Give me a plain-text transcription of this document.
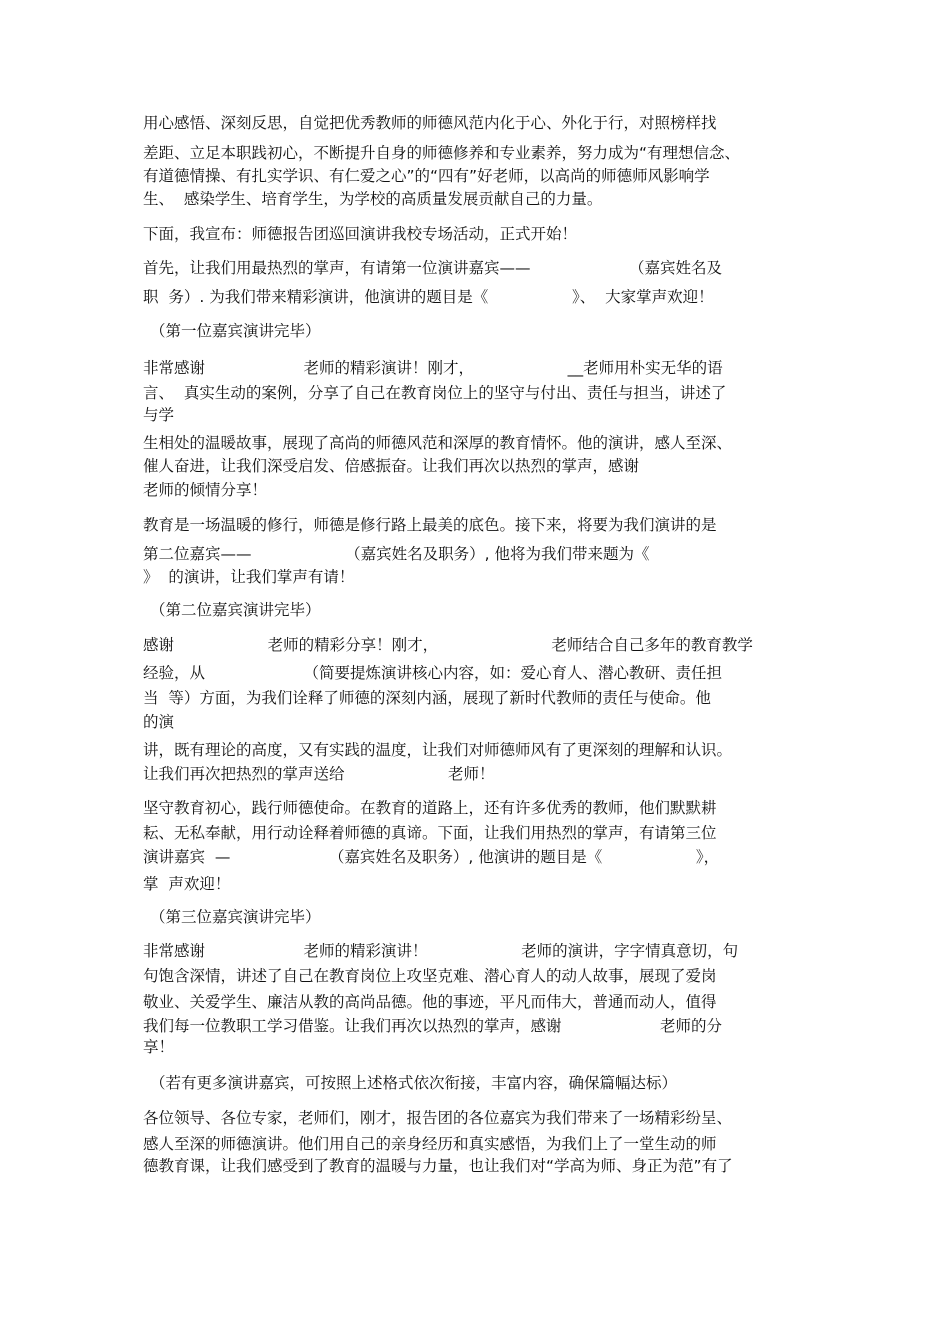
用心感悟、深刻反思，自觉把优秀教师的师德风范内化于心、外化于行，对照榜样找
差距、立足本职践初心，不断提升自身的师德修养和专业素养，努力成为“有理想信念、
有道德情操、有扎实学识、有仁爱之心”的“四有”好老师，以高尚的师德师风影响学
生、  感染学生、培育学生，为学校的高质量发展贡献自己的力量。
下面，我宣布：师德报告团巡回演讲我校专场活动，正式开始！
首先，让我们用最热烈的掌声，有请第一位演讲嘉宾——                    （嘉宾姓名及
职  务）. 为我们带来精彩演讲，他演讲的题目是《                 》、  大家掌声欢迎！
（第一位嘉宾演讲完毕）
非常感谢                    老师的精彩演讲！刚才，                   __老师用朴实无华的语
言、  真实生动的案例，分享了自己在教育岗位上的坚守与付出、责任与担当，讲述了
与学
生相处的温暖故事，展现了高尚的师德风范和深厚的教育情怀。他的演讲，感人至深、
催人奋进，让我们深受启发、倍感振奋。让我们再次以热烈的掌声，感谢
老师的倾情分享！
教育是一场温暖的修行，师德是修行路上最美的底色。接下来，将要为我们演讲的是
第二位嘉宾——                   （嘉宾姓名及职务）, 他将为我们带来题为《
》  的演讲，让我们掌声有请！
（第二位嘉宾演讲完毕）
感谢                   老师的精彩分享！刚才，                       老师结合自己多年的教育教学
经验，从                    （简要提炼演讲核心内容，如：爱心育人、潜心教研、责任担
当  等）方面，为我们诠释了师德的深刻内涵，展现了新时代教师的责任与使命。他
的演
讲，既有理论的高度，又有实践的温度，让我们对师德师风有了更深刻的理解和认识。
让我们再次把热烈的掌声送给                     老师！
坚守教育初心，践行师德使命。在教育的道路上，还有许多优秀的教师，他们默默耕
耘、无私奉献，用行动诠释着师德的真谛。下面，让我们用热烈的掌声，有请第三位
演讲嘉宾  —                    （嘉宾姓名及职务）, 他演讲的题目是《                   》，
掌  声欢迎！
（第三位嘉宾演讲完毕）
非常感谢                    老师的精彩演讲！                   老师的演讲，字字情真意切，句
句饱含深情，讲述了自己在教育岗位上攻坚克难、潜心育人的动人故事，展现了爱岗
敬业、关爱学生、廉洁从教的高尚品德。他的事迹，平凡而伟大，普通而动人，值得
我们每一位教职工学习借鉴。让我们再次以热烈的掌声，感谢                    老师的分
享！
（若有更多演讲嘉宾，可按照上述格式依次衔接，丰富内容，确保篇幅达标）
各位领导、各位专家，老师们，刚才，报告团的各位嘉宾为我们带来了一场精彩纷呈、
感人至深的师德演讲。他们用自己的亲身经历和真实感悟，为我们上了一堂生动的师
德教育课，让我们感受到了教育的温暖与力量，也让我们对“学高为师、身正为范”有了
